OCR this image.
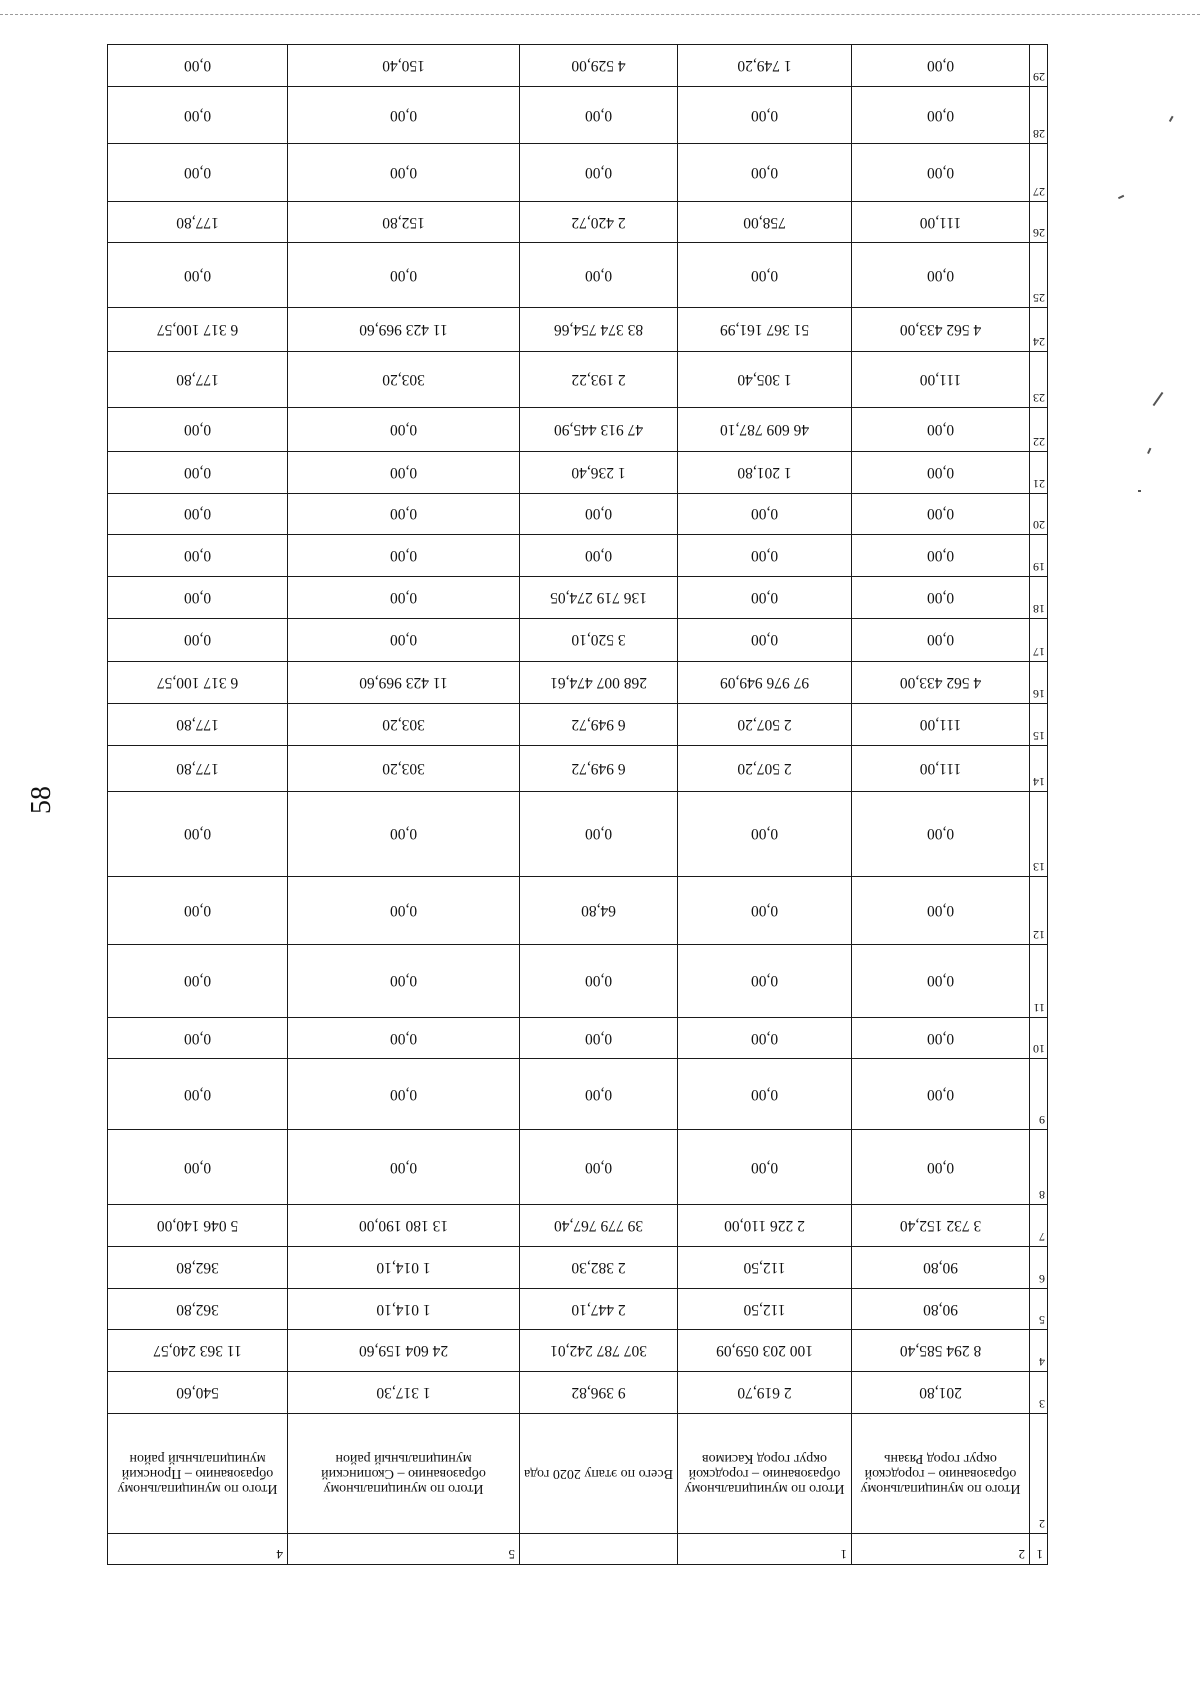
58
1	2	1		5	4
2	Итого по муниципальному образованию – городской округ город Рязань	Итого по муниципальному образованию – городской округ город Касимов	Всего по этапу 2020 года	Итого по муниципальному образованию – Скопинский муниципальный район	Итого по муниципальному образованию – Пронский муниципальный район

3	201,80	2 619,70	9 396,82	1 317,30	540,60
4	8 294 585,40	100 203 059,09	307 787 242,01	24 604 159,60	11 363 240,57
5	90,80	112,50	2 447,10	1 014,10	362,80
6	90,80	112,50	2 382,30	1 014,10	362,80
7	3 732 152,40	2 226 110,00	39 779 767,40	13 180 190,00	5 046 140,00
8	0,00	0,00	0,00	0,00	0,00
9	0,00	0,00	0,00	0,00	0,00
10	0,00	0,00	0,00	0,00	0,00
11	0,00	0,00	0,00	0,00	0,00
12	0,00	0,00	64,80	0,00	0,00
13	0,00	0,00	0,00	0,00	0,00
14	111,00	2 507,20	6 949,72	303,20	177,80
15	111,00	2 507,20	6 949,72	303,20	177,80
16	4 562 433,00	97 976 949,09	268 007 474,61	11 423 969,60	6 317 100,57
17	0,00	0,00	3 520,10	0,00	0,00
18	0,00	0,00	136 719 274,05	0,00	0,00
19	0,00	0,00	0,00	0,00	0,00
20	0,00	0,00	0,00	0,00	0,00
21	0,00	1 201,80	1 236,40	0,00	0,00
22	0,00	46 609 787,10	47 913 445,90	0,00	0,00
23	111,00	1 305,40	2 193,22	303,20	177,80
24	4 562 433,00	51 367 161,99	83 374 754,66	11 423 969,60	6 317 100,57
25	0,00	0,00	0,00	0,00	0,00
26	111,00	758,00	2 420,72	152,80	177,80
27	0,00	0,00	0,00	0,00	0,00
28	0,00	0,00	0,00	0,00	0,00
29	0,00	1 749,20	4 529,00	150,40	0,00
